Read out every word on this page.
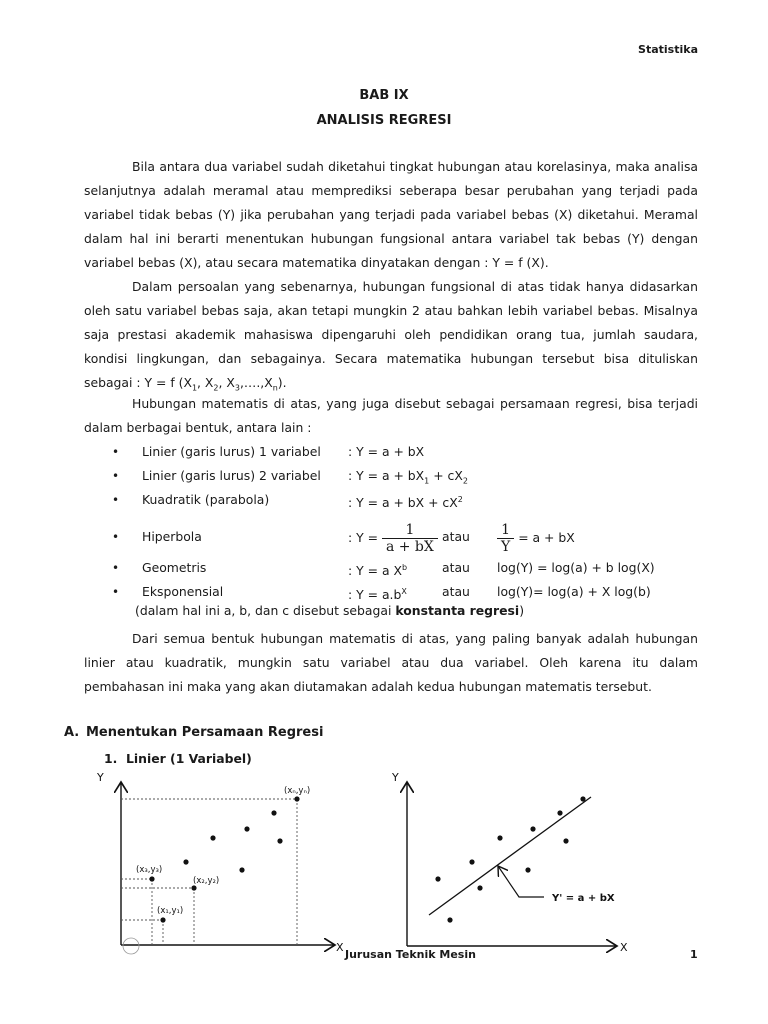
Statistika
BAB IX
ANALISIS REGRESI
Bila antara dua variabel sudah diketahui tingkat hubungan atau korelasinya, maka analisa selanjutnya adalah meramal atau memprediksi seberapa besar perubahan yang terjadi pada variabel tidak bebas (Y) jika perubahan yang terjadi pada variabel bebas (X) diketahui. Meramal dalam hal ini berarti menentukan hubungan fungsional antara variabel tak bebas (Y) dengan variabel bebas (X), atau secara matematika dinyatakan dengan : Y = f (X).
Dalam persoalan yang sebenarnya, hubungan fungsional di atas tidak hanya didasarkan oleh satu variabel bebas saja, akan tetapi mungkin 2 atau bahkan lebih variabel bebas. Misalnya saja prestasi akademik mahasiswa dipengaruhi oleh pendidikan orang tua, jumlah saudara, kondisi lingkungan, dan sebagainya. Secara matematika hubungan tersebut bisa dituliskan sebagai : Y = f ($X_1$, $X_2$, $X_3,\dots.,X_n$).
Hubungan matematis di atas, yang juga disebut sebagai persamaan regresi, bisa terjadi dalam berbagai bentuk, antara lain :
•	Linier (garis lurus) 1 variabel : Y = a + bX
•	Linier (garis lurus) 2 variabel : $Y = a + bX_1 + cX_2$
•	Kuadratik (parabola)	: Y = a + bX + $cX^2$
•	Hiperbola	: $Y = \frac{1}{a + bX}$ atau $\frac{1}{Y} = a$ + bX
•	Geometris	: Y = a $X^b$	atau log(Y) = log(a) + b log(X)
•	Eksponensial	: $Y = a.b^X$	atau log(Y)= log(a) + X log(b)
(dalam hal ini a, b, dan c disebut sebagai konstanta regresi)
Dari semua bentuk hubungan matematis di atas, yang paling banyak adalah hubungan linier atau kuadratik, mungkin satu variabel atau dua variabel. Oleh karena itu dalam pembahasan ini maka yang akan diutamakan adalah kedua hubungan matematis tersebut.
A. Menentukan Persamaan Regresi
1. Linier (1 Variabel)
Y
X
(xₙ,yₙ)
(x₃,y₃)
(x₂,y₂)
(x₁,y₁)
Y
X
Y' = a + bX
Jurusan Teknik Mesin	1
